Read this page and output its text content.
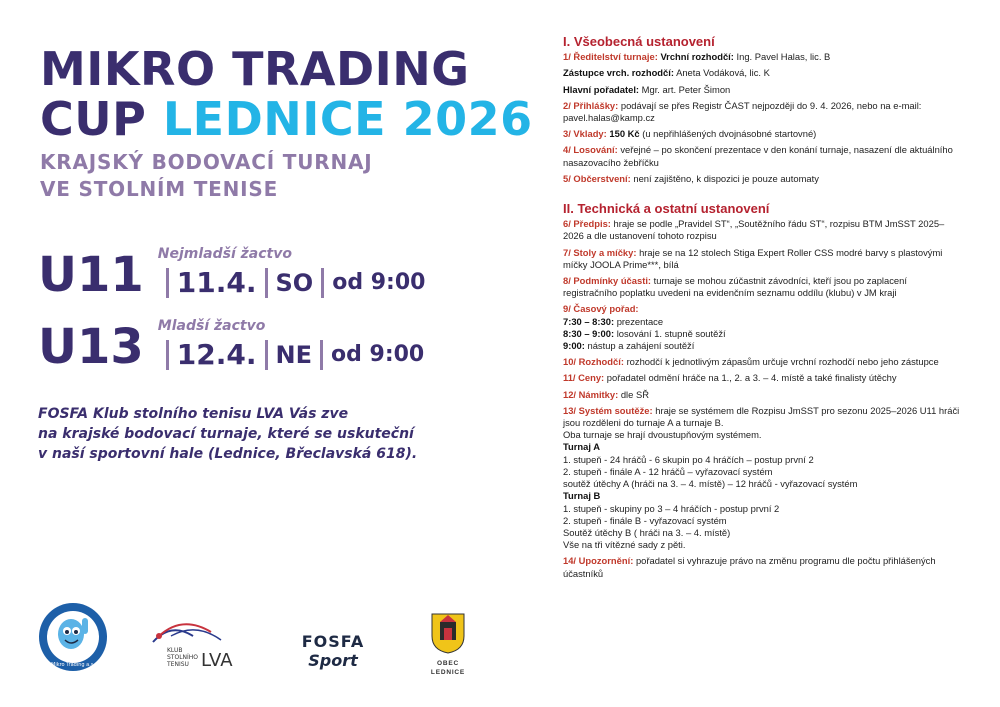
MIKRO TRADING
CUP LEDNICE 2026
KRAJSKÝ BODOVACÍ TURNAJ
VE STOLNÍM TENISE
U11 Nejmladší žactvo
11.4. SO od 9:00
U13 Mladší žactvo
12.4. NE od 9:00
FOSFA Klub stolního tenisu LVA Vás zve
na krajské bodovací turnaje, které se uskuteční
v naší sportovní hale (Lednice, Břeclavská 618).
Mikro Trading a.s.
KLUB
STOLNÍHO
TENISU LVA
FOSFA
Sport	OBEC
LEDNICE
I. Všeobecná ustanovení
1/ Ředitelství turnaje: Vrchní rozhodčí: Ing. Pavel Halas, lic. B
Zástupce vrch. rozhodčí: Aneta Vodáková, lic. K
Hlavní pořadatel: Mgr. art. Peter Šimon
2/ Přihlášky: podávají se přes Registr ČAST nejpozději do 9. 4. 2026, nebo na e-mail: pavel.halas@kamp.cz
3/ Vklady: 150 Kč (u nepřihlášených dvojnásobné startovné)
4/ Losování: veřejné – po skončení prezentace v den konání turnaje, nasazení dle aktuálního nasazovacího žebříčku
5/ Občerstvení: není zajištěno, k dispozici je pouze automaty
II. Technická a ostatní ustanovení
6/ Předpis: hraje se podle „Pravidel ST“, „Soutěžního řádu ST“, rozpisu BTM JmSST 2025–2026 a dle ustanovení tohoto rozpisu
7/ Stoly a míčky: hraje se na 12 stolech Stiga Expert Roller CSS modré barvy s plastovými míčky JOOLA Prime***, bílá
8/ Podmínky účasti: turnaje se mohou zúčastnit závodníci, kteří jsou po zaplacení registračního poplatku uvedeni na evidenčním seznamu oddílu (klubu) v JM kraji
9/ Časový pořad:
7:30 – 8:30: prezentace
8:30 – 9:00: losování 1. stupně soutěží
9:00: nástup a zahájení soutěží
10/ Rozhodčí: rozhodčí k jednotlivým zápasům určuje vrchní rozhodčí nebo jeho zástupce
11/ Ceny: pořadatel odmění hráče na 1., 2. a 3. – 4. místě a také finalisty útěchy
12/ Námitky: dle SŘ
13/ Systém soutěže: hraje se systémem dle Rozpisu JmSST pro sezonu 2025–2026 U11 hráči jsou rozděleni do turnaje A a turnaje B.
Oba turnaje se hrají dvoustupňovým systémem.
Turnaj A
1. stupeň - 24 hráčů - 6 skupin po 4 hráčích – postup první 2
2. stupeň - finále A - 12 hráčů – vyřazovací systém
soutěž útěchy A (hráči na 3. – 4. místě) – 12 hráčů - vyřazovací systém
Turnaj B
1. stupeň - skupiny po 3 – 4 hráčích - postup první 2
2. stupeň - finále B - vyřazovací systém
Soutěž útěchy B ( hráči na 3. – 4. místě)
Vše na tři vítězné sady z pěti.
14/ Upozornění: pořadatel si vyhrazuje právo na změnu programu dle počtu přihlášených účastníků
